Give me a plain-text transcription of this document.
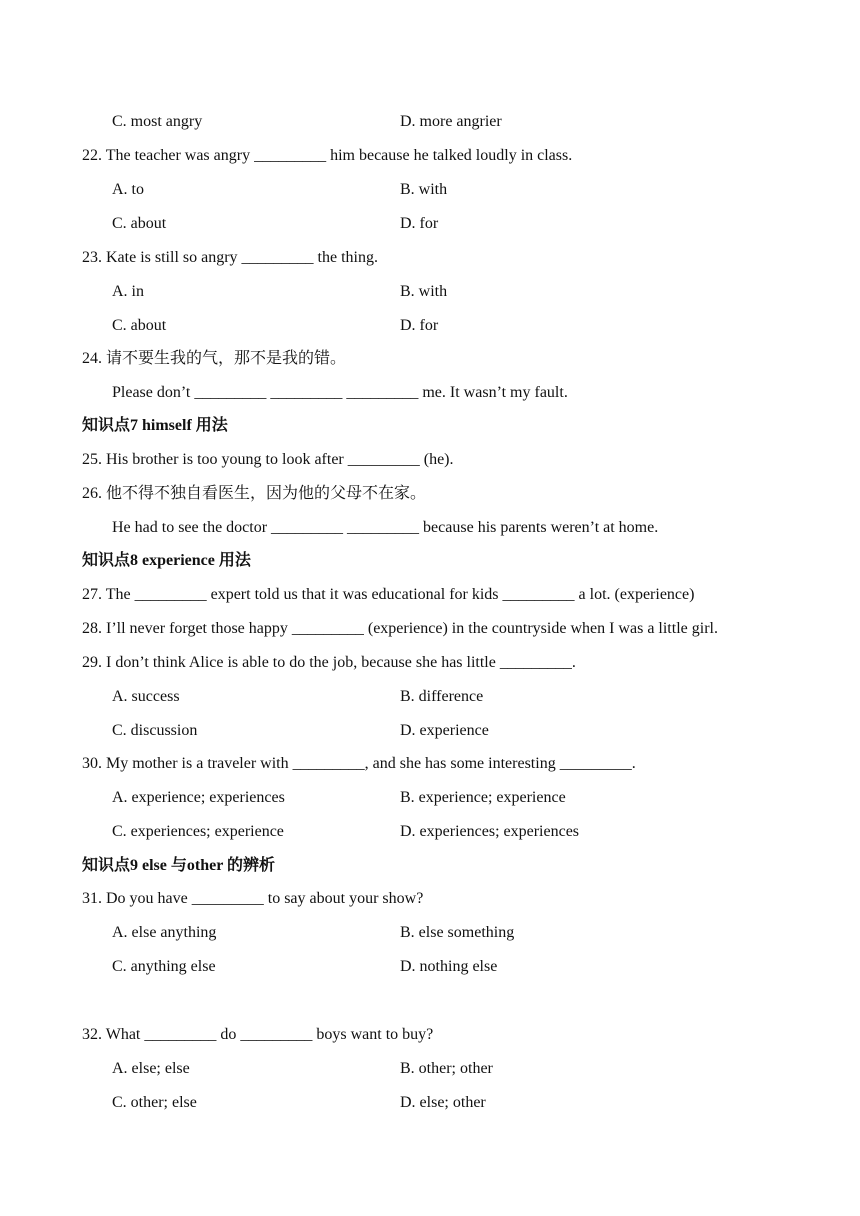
C. most angry	D. more angrier
22. The teacher was angry _________ him because he talked loudly in class.
A. to	B. with
C. about	D. for
23. Kate is still so angry _________ the thing.
A. in	B. with
C. about	D. for
24. 请不要生我的气，那不是我的错。
Please don’t _________ _________ _________ me. It wasn’t my fault.
知识点7 himself 用法
25. His brother is too young to look after _________ (he).
26. 他不得不独自看医生，因为他的父母不在家。
He had to see the doctor _________ _________ because his parents weren’t at home.
知识点8 experience 用法
27. The _________ expert told us that it was educational for kids _________ a lot. (experience)
28. I’ll never forget those happy _________ (experience) in the countryside when I was a little girl.
29. I don’t think Alice is able to do the job, because she has little _________.
A. success	B. difference
C. discussion	D. experience
30. My mother is a traveler with _________, and she has some interesting _________.
A. experience; experiences	B. experience; experience
C. experiences; experience	D. experiences; experiences
知识点9 else 与other 的辨析
31. Do you have _________ to say about your show?
A. else anything	B. else something
C. anything else	D. nothing else
32. What _________ do _________ boys want to buy?
A. else; else	B. other; other
C. other; else	D. else; other
